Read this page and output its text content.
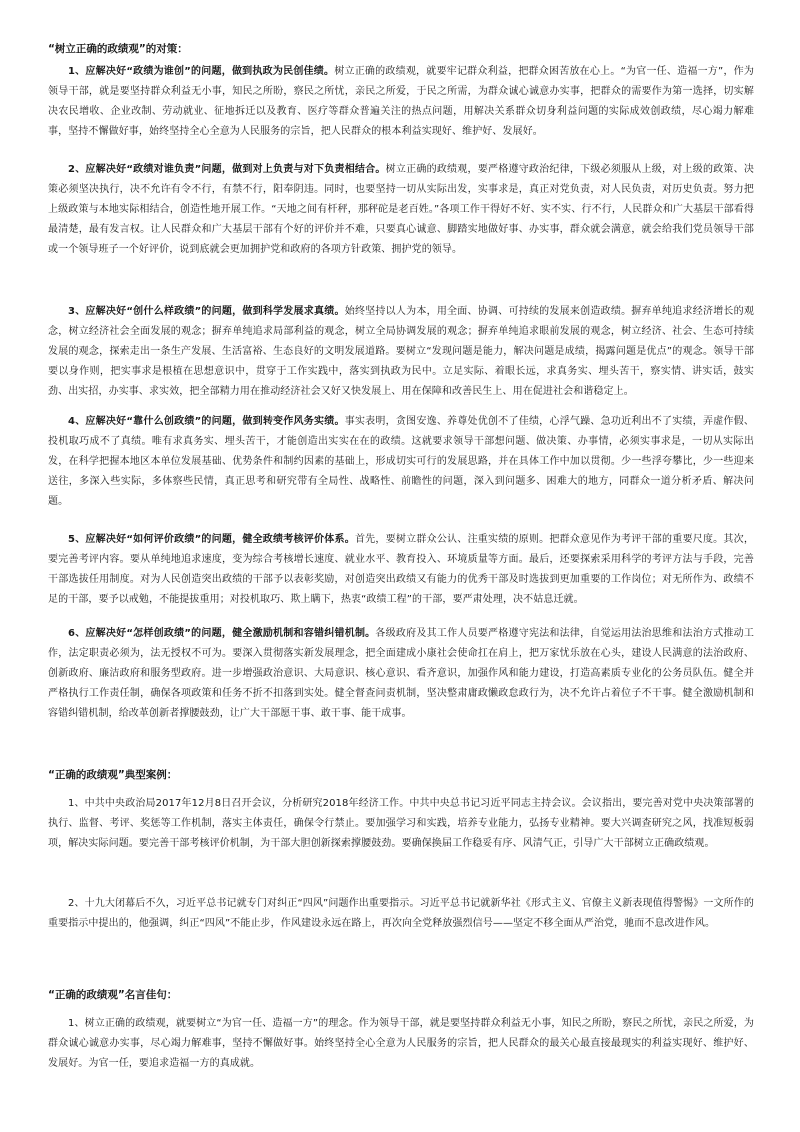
“树立正确的政绩观”的对策：

1、应解决好“政绩为谁创”的问题，做到执政为民创佳绩。树立正确的政绩观，就要牢记群众利益，把群众困苦放在心上。“为官一任、造福一方”，作为领导干部，就是要坚持群众利益无小事，知民之所盼，察民之所忧，亲民之所爱，于民之所需，为群众诚心诚意办实事，把群众的需要作为第一选择，切实解决农民增收、企业改制、劳动就业、征地拆迁以及教育、医疗等群众普遍关注的热点问题，用解决关系群众切身利益问题的实际成效创政绩，尽心竭力解难事，坚持不懈做好事，始终坚持全心全意为人民服务的宗旨，把人民群众的根本利益实现好、维护好、发展好。

2、应解决好“政绩对谁负责”问题，做到对上负责与对下负责相结合。树立正确的政绩观，要严格遵守政治纪律，下级必须服从上级，对上级的政策、决策必须坚决执行，决不允许有令不行，有禁不行，阳奉阴违。同时，也要坚持一切从实际出发，实事求是，真正对党负责，对人民负责，对历史负责。努力把上级政策与本地实际相结合，创造性地开展工作。“天地之间有杆秤，那秤砣是老百姓。”各项工作干得好不好、实不实、行不行，人民群众和广大基层干部看得最清楚，最有发言权。让人民群众和广大基层干部有个好的评价并不难，只要真心诚意、脚踏实地做好事、办实事，群众就会满意，就会给我们党员领导干部或一个领导班子一个好评价，说到底就会更加拥护党和政府的各项方针政策、拥护党的领导。

3、应解决好“创什么样政绩”的问题，做到科学发展求真绩。始终坚持以人为本，用全面、协调、可持续的发展来创造政绩。摒弃单纯追求经济增长的观念，树立经济社会全面发展的观念；摒弃单纯追求局部利益的观念，树立全局协调发展的观念；摒弃单纯追求眼前发展的观念，树立经济、社会、生态可持续发展的观念，探索走出一条生产发展、生活富裕、生态良好的文明发展道路。要树立“发现问题是能力，解决问题是成绩，揭露问题是优点”的观念。领导干部要以身作则，把实事求是根植在思想意识中，贯穿于工作实践中，落实到执政为民中。立足实际、着眼长远，求真务实、埋头苦干，察实情、讲实话，鼓实劲、出实招，办实事、求实效，把全部精力用在推动经济社会又好又快发展上、用在保障和改善民生上、用在促进社会和谐稳定上。

4、应解决好“靠什么创政绩”的问题，做到转变作风务实绩。事实表明，贪图安逸、养尊处优创不了佳绩，心浮气躁、急功近利出不了实绩，弄虚作假、投机取巧成不了真绩。唯有求真务实、埋头苦干，才能创造出实实在在的政绩。这就要求领导干部想问题、做决策、办事情，必须实事求是，一切从实际出发，在科学把握本地区本单位发展基础、优势条件和制约因素的基础上，形成切实可行的发展思路，并在具体工作中加以贯彻。少一些浮夸攀比，少一些迎来送往，多深入些实际，多体察些民情，真正思考和研究带有全局性、战略性、前瞻性的问题，深入到问题多、困难大的地方，同群众一道分析矛盾、解决问题。

5、应解决好“如何评价政绩”的问题，健全政绩考核评价体系。首先，要树立群众公认、注重实绩的原则。把群众意见作为考评干部的重要尺度。其次，要完善考评内容。要从单纯地追求速度，变为综合考核增长速度、就业水平、教育投入、环境质量等方面。最后，还要探索采用科学的考评方法与手段，完善干部选拔任用制度。对为人民创造突出政绩的干部予以表彰奖励，对创造突出政绩又有能力的优秀干部及时选拔到更加重要的工作岗位；对无所作为、政绩不足的干部，要予以戒勉，不能提拔重用；对投机取巧、欺上瞒下，热衷“政绩工程”的干部，要严肃处理，决不姑息迁就。

6、应解决好“怎样创政绩”的问题，健全激励机制和容错纠错机制。各级政府及其工作人员要严格遵守宪法和法律，自觉运用法治思维和法治方式推动工作，法定职责必须为，法无授权不可为。要深入贯彻落实新发展理念，把全面建成小康社会使命扛在肩上，把万家忧乐放在心头，建设人民满意的法治政府、创新政府、廉洁政府和服务型政府。进一步增强政治意识、大局意识、核心意识、看齐意识，加强作风和能力建设，打造高素质专业化的公务员队伍。健全并严格执行工作责任制，确保各项政策和任务不折不扣落到实处。健全督查问责机制，坚决整肃庸政懒政怠政行为，决不允许占着位子不干事。健全激励机制和容错纠错机制，给改革创新者撑腰鼓劲，让广大干部愿干事、敢干事、能干成事。

“正确的政绩观”典型案例：

1、中共中央政治局2017年12月8日召开会议，分析研究2018年经济工作。中共中央总书记习近平同志主持会议。会议指出，要完善对党中央决策部署的执行、监督、考评、奖惩等工作机制，落实主体责任，确保令行禁止。要加强学习和实践，培养专业能力，弘扬专业精神。要大兴调查研究之风，找准短板弱项，解决实际问题。要完善干部考核评价机制，为干部大胆创新探索撑腰鼓劲。要确保换届工作稳妥有序、风清气正，引导广大干部树立正确政绩观。

2、十九大闭幕后不久，习近平总书记就专门对纠正“四风”问题作出重要指示。习近平总书记就新华社《形式主义、官僚主义新表现值得警惕》一文所作的重要指示中提出的，他强调，纠正“四风”不能止步，作风建设永远在路上，再次向全党释放强烈信号——坚定不移全面从严治党，驰而不息改进作风。

“正确的政绩观”名言佳句：

1、树立正确的政绩观，就要树立“为官一任、造福一方”的理念。作为领导干部，就是要坚持群众利益无小事，知民之所盼，察民之所忧，亲民之所爱，为群众诚心诚意办实事，尽心竭力解难事，坚持不懈做好事。始终坚持全心全意为人民服务的宗旨，把人民群众的最关心最直接最现实的利益实现好、维护好、发展好。为官一任，要追求造福一方的真成就。
